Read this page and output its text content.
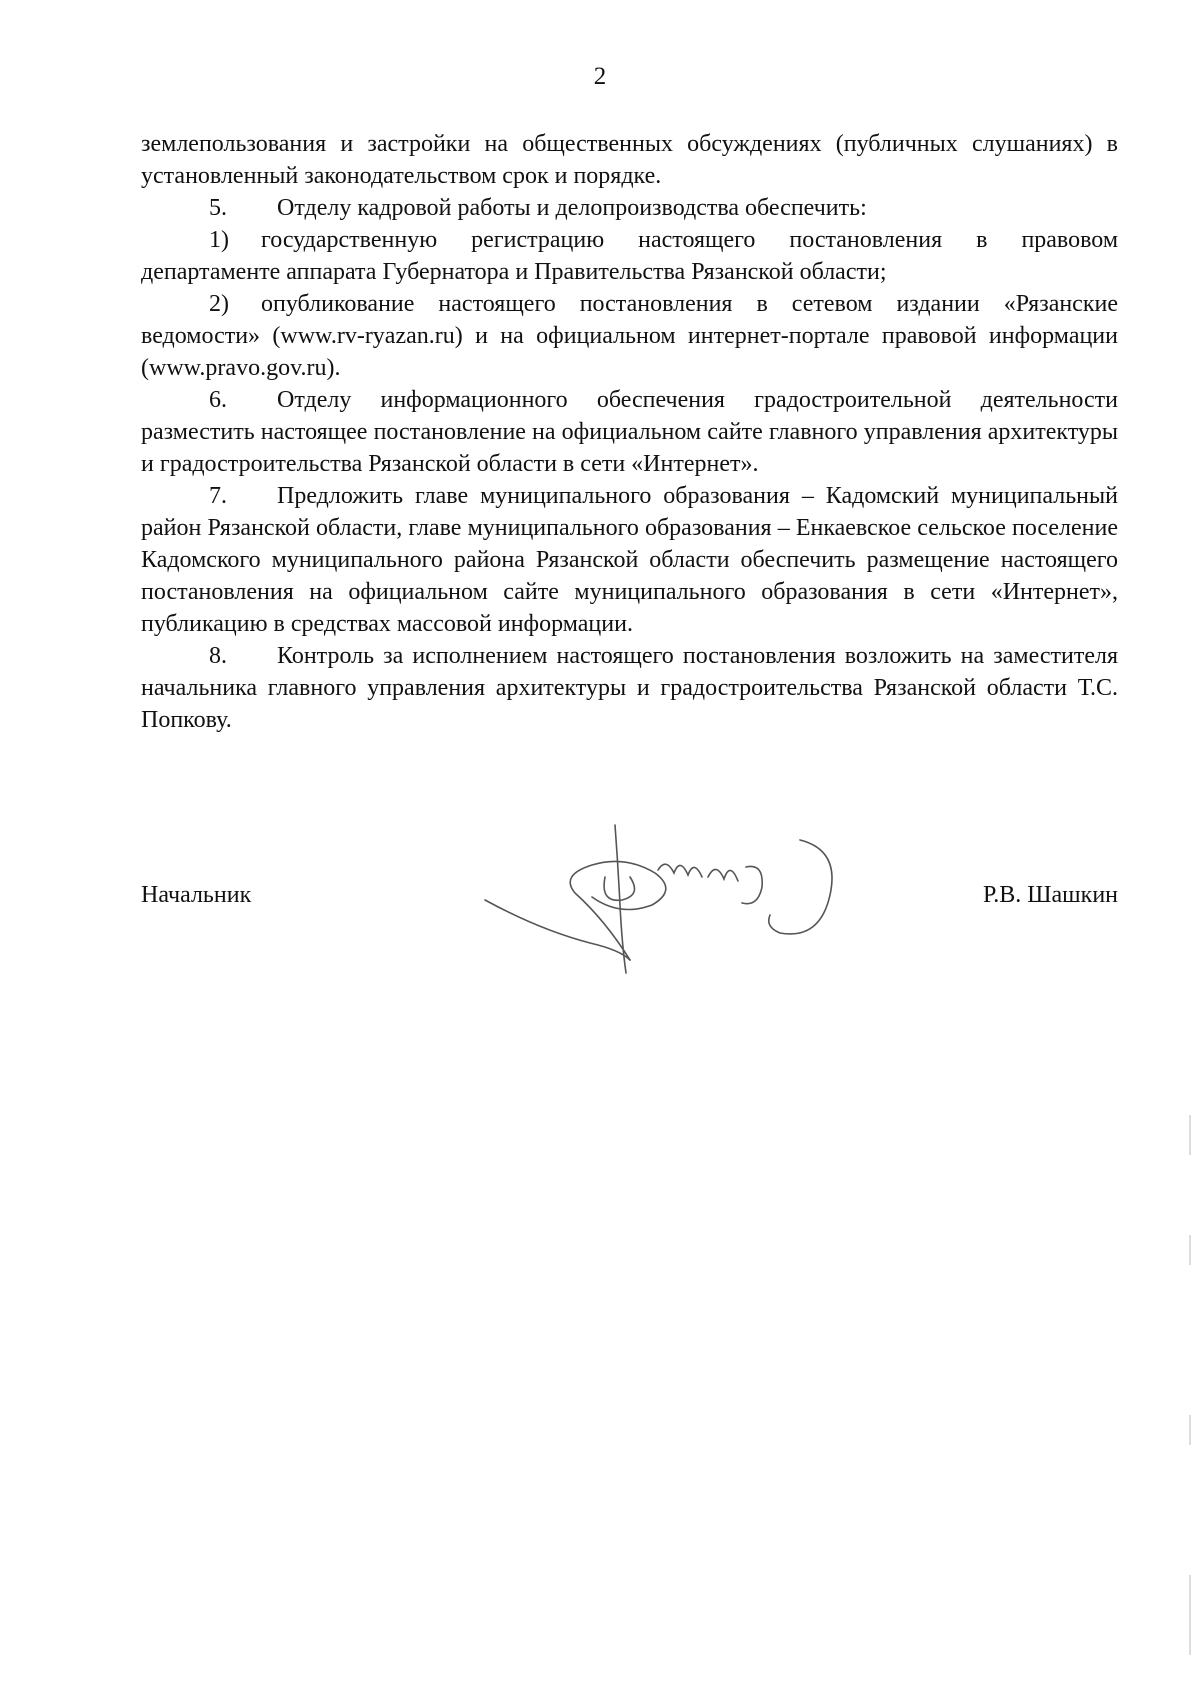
2

землепользования и застройки на общественных обсуждениях (публичных слушаниях) в установленный законодательством срок и порядке.

5. Отделу кадровой работы и делопроизводства обеспечить:

1) государственную регистрацию настоящего постановления в правовом департаменте аппарата Губернатора и Правительства Рязанской области;

2) опубликование настоящего постановления в сетевом издании «Рязанские ведомости» (www.rv-ryazan.ru) и на официальном интернет-портале правовой информации (www.pravo.gov.ru).

6. Отделу информационного обеспечения градостроительной деятельности разместить настоящее постановление на официальном сайте главного управления архитектуры и градостроительства Рязанской области в сети «Интернет».

7. Предложить главе муниципального образования – Кадомский муниципальный район Рязанской области, главе муниципального образования – Енкаевское сельское поселение Кадомского муниципального района Рязанской области обеспечить размещение настоящего постановления на официальном сайте муниципального образования в сети «Интернет», публикацию в средствах массовой информации.

8. Контроль за исполнением настоящего постановления возложить на заместителя начальника главного управления архитектуры и градостроительства Рязанской области Т.С. Попкову.

Начальник	Р.В. Шашкин
